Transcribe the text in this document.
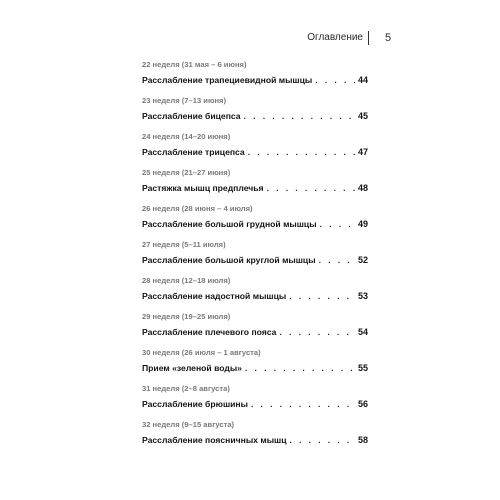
Оглавление	5
22 неделя (31 мая – 6 июня)
Расслабление трапециевидной мышцы . . .	44
23 неделя (7–13 июня)
Расслабление бицепса . . .	45
24 неделя (14–20 июня)
Расслабление трицепса . . .	47
25 неделя (21–27 июня)
Растяжка мышц предплечья . . .	48
26 неделя (28 июня – 4 июля)
Расслабление большой грудной мышцы . . .	49
27 неделя (5–11 июля)
Расслабление большой круглой мышцы . . .	52
28 неделя (12–18 июля)
Расслабление надостной мышцы . . .	53
29 неделя (19–25 июля)
Расслабление плечевого пояса . . .	54
30 неделя (26 июля – 1 августа)
Прием «зеленой воды» . . .	55
31 неделя (2–8 августа)
Расслабление брюшины . . .	56
32 неделя (9–15 августа)
Расслабление поясничных мышц . . .	58
